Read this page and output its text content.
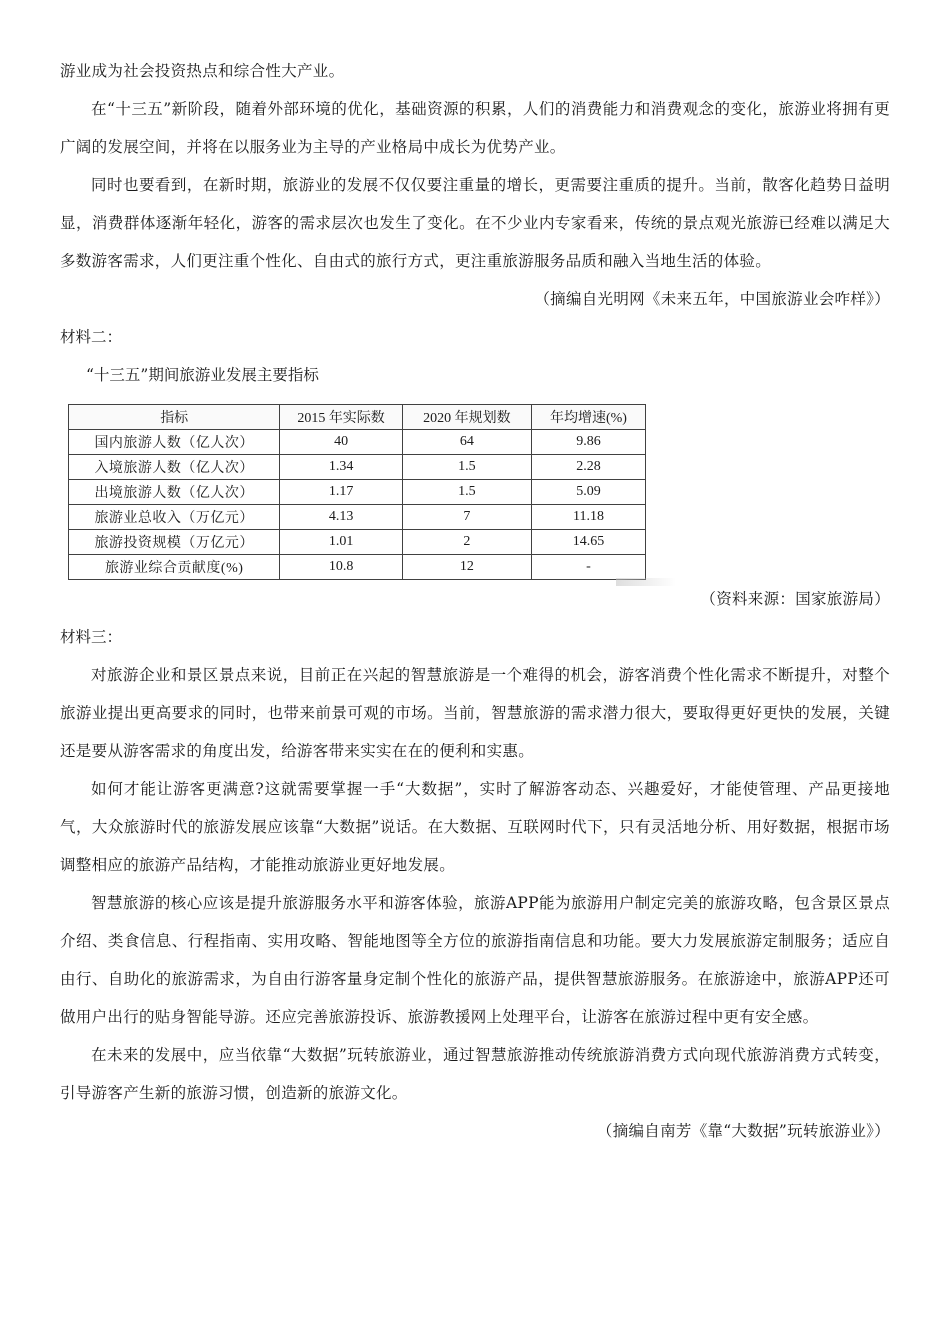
游业成为社会投资热点和综合性大产业。

在“十三五”新阶段，随着外部环境的优化，基础资源的积累，人们的消费能力和消费观念的变化，旅游业将拥有更广阔的发展空间，并将在以服务业为主导的产业格局中成长为优势产业。

同时也要看到，在新时期，旅游业的发展不仅仅要注重量的增长，更需要注重质的提升。当前，散客化趋势日益明显，消费群体逐渐年轻化，游客的需求层次也发生了变化。在不少业内专家看来，传统的景点观光旅游已经难以满足大多数游客需求，人们更注重个性化、自由式的旅行方式，更注重旅游服务品质和融入当地生活的体验。

（摘编自光明网《未来五年，中国旅游业会咋样》）

材料二：

“十三五”期间旅游业发展主要指标

指标	2015 年实际数	2020 年规划数	年均增速(%)
国内旅游人数（亿人次）	40	64	9.86
入境旅游人数（亿人次）	1.34	1.5	2.28
出境旅游人数（亿人次）	1.17	1.5	5.09
旅游业总收入（万亿元）	4.13	7	11.18
旅游投资规模（万亿元）	1.01	2	14.65
旅游业综合贡献度(%)	10.8	12	-

（资料来源：国家旅游局）

材料三：

对旅游企业和景区景点来说，目前正在兴起的智慧旅游是一个难得的机会，游客消费个性化需求不断提升，对整个旅游业提出更高要求的同时，也带来前景可观的市场。当前，智慧旅游的需求潜力很大，要取得更好更快的发展，关键还是要从游客需求的角度出发，给游客带来实实在在的便利和实惠。

如何才能让游客更满意?这就需要掌握一手“大数据”，实时了解游客动态、兴趣爱好，才能使管理、产品更接地气，大众旅游时代的旅游发展应该靠“大数据”说话。在大数据、互联网时代下，只有灵活地分析、用好数据，根据市场调整相应的旅游产品结构，才能推动旅游业更好地发展。

智慧旅游的核心应该是提升旅游服务水平和游客体验，旅游APP能为旅游用户制定完美的旅游攻略，包含景区景点介绍、类食信息、行程指南、实用攻略、智能地图等全方位的旅游指南信息和功能。要大力发展旅游定制服务；适应自由行、自助化的旅游需求，为自由行游客量身定制个性化的旅游产品，提供智慧旅游服务。在旅游途中，旅游APP还可做用户出行的贴身智能导游。还应完善旅游投诉、旅游教援网上处理平台，让游客在旅游过程中更有安全感。

在未来的发展中，应当依靠“大数据”玩转旅游业，通过智慧旅游推动传统旅游消费方式向现代旅游消费方式转变，引导游客产生新的旅游习惯，创造新的旅游文化。

（摘编自南芳《靠“大数据”玩转旅游业》）
